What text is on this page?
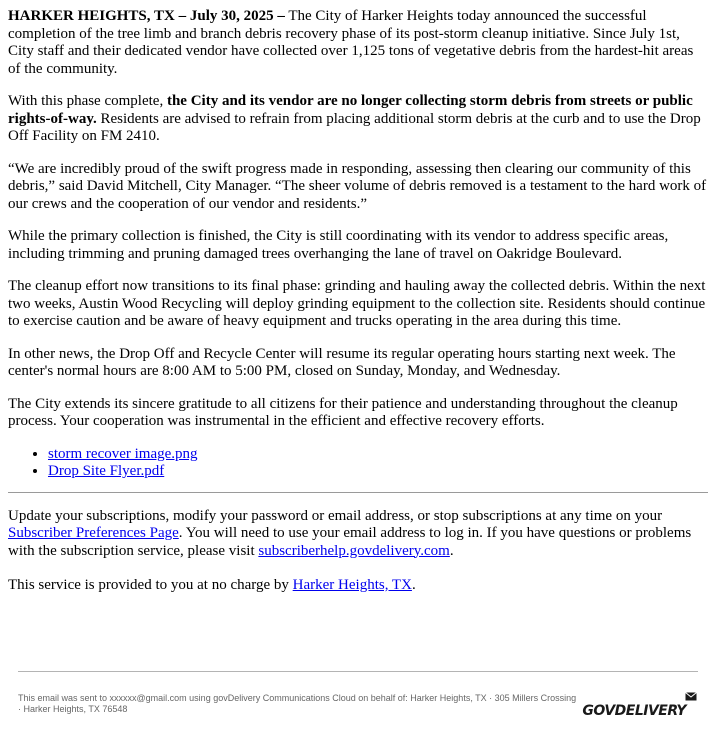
HARKER HEIGHTS, TX – July 30, 2025 – The City of Harker Heights today announced the successful completion of the tree limb and branch debris recovery phase of its post-storm cleanup initiative. Since July 1st, City staff and their dedicated vendor have collected over 1,125 tons of vegetative debris from the hardest-hit areas of the community.

With this phase complete, the City and its vendor are no longer collecting storm debris from streets or public rights-of-way. Residents are advised to refrain from placing additional storm debris at the curb and to use the Drop Off Facility on FM 2410.

“We are incredibly proud of the swift progress made in responding, assessing then clearing our community of this debris,” said David Mitchell, City Manager. “The sheer volume of debris removed is a testament to the hard work of our crews and the cooperation of our vendor and residents.”

While the primary collection is finished, the City is still coordinating with its vendor to address specific areas, including trimming and pruning damaged trees overhanging the lane of travel on Oakridge Boulevard.

The cleanup effort now transitions to its final phase: grinding and hauling away the collected debris. Within the next two weeks, Austin Wood Recycling will deploy grinding equipment to the collection site. Residents should continue to exercise caution and be aware of heavy equipment and trucks operating in the area during this time.

In other news, the Drop Off and Recycle Center will resume its regular operating hours starting next week. The center's normal hours are 8:00 AM to 5:00 PM, closed on Sunday, Monday, and Wednesday.

The City extends its sincere gratitude to all citizens for their patience and understanding throughout the cleanup process. Your cooperation was instrumental in the efficient and effective recovery efforts.

• storm recover image.png
• Drop Site Flyer.pdf

Update your subscriptions, modify your password or email address, or stop subscriptions at any time on your Subscriber Preferences Page. You will need to use your email address to log in. If you have questions or problems with the subscription service, please visit subscriberhelp.govdelivery.com.

This service is provided to you at no charge by Harker Heights, TX.

This email was sent to xxxxxx@gmail.com using govDelivery Communications Cloud on behalf of: Harker Heights, TX · 305 Millers Crossing · Harker Heights, TX 76548	GOVDELIVERY
